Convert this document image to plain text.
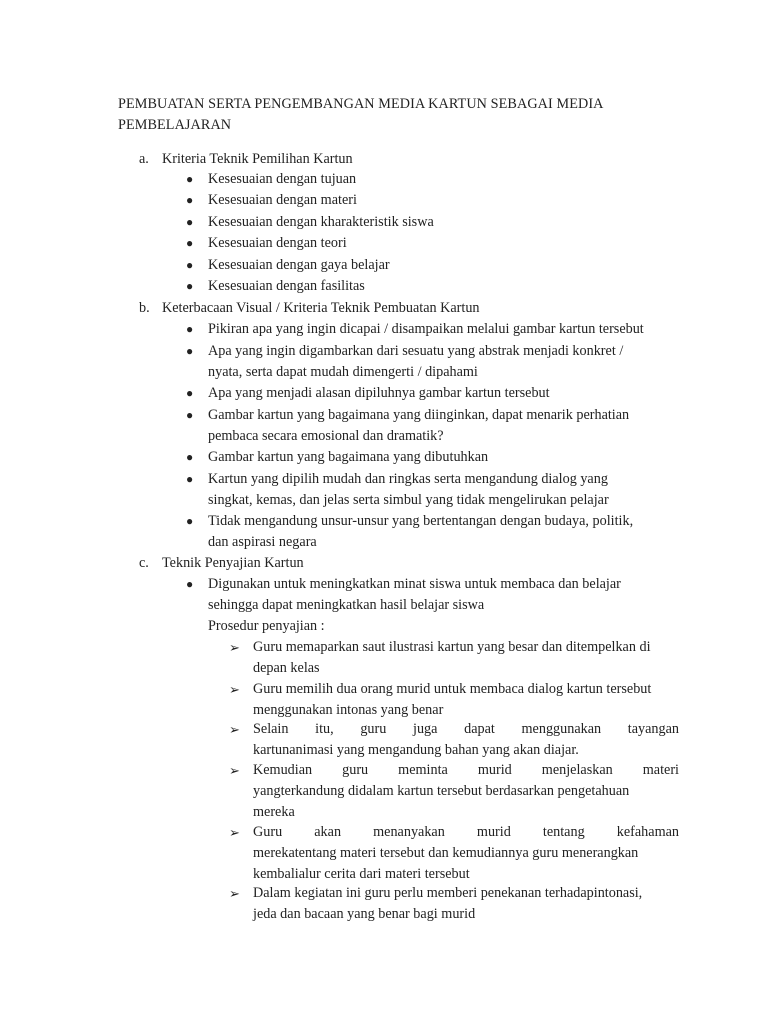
PEMBUATAN SERTA PENGEMBANGAN MEDIA KARTUN SEBAGAI MEDIA
PEMBELAJARAN
a. Kriteria Teknik Pemilihan Kartun
● Kesesuaian dengan tujuan
● Kesesuaian dengan materi
● Kesesuaian dengan kharakteristik siswa
● Kesesuaian dengan teori
● Kesesuaian dengan gaya belajar
● Kesesuaian dengan fasilitas
b. Keterbacaan Visual / Kriteria Teknik Pembuatan Kartun
● Pikiran apa yang ingin dicapai / disampaikan melalui gambar kartun tersebut
● Apa yang ingin digambarkan dari sesuatu yang abstrak menjadi konkret /
nyata, serta dapat mudah dimengerti / dipahami
● Apa yang menjadi alasan dipiluhnya gambar kartun tersebut
● Gambar kartun yang bagaimana yang diinginkan, dapat menarik perhatian
pembaca secara emosional dan dramatik?
● Gambar kartun yang bagaimana yang dibutuhkan
● Kartun yang dipilih mudah dan ringkas serta mengandung dialog yang
singkat, kemas, dan jelas serta simbul yang tidak mengelirukan pelajar
● Tidak mengandung unsur-unsur yang bertentangan dengan budaya, politik,
dan aspirasi negara
c. Teknik Penyajian Kartun
● Digunakan untuk meningkatkan minat siswa untuk membaca dan belajar
sehingga dapat meningkatkan hasil belajar siswa
Prosedur penyajian :
➢ Guru memaparkan saut ilustrasi kartun yang besar dan ditempelkan di
depan kelas
➢ Guru memilih dua orang murid untuk membaca dialog kartun tersebut
menggunakan intonas yang benar
➢ Selain itu, guru juga dapat menggunakan tayangan
kartunanimasi yang mengandung bahan yang akan diajar.
➢ Kemudian guru meminta murid menjelaskan materi
yangterkandung didalam kartun tersebut berdasarkan pengetahuan
mereka
➢ Guru akan menanyakan murid tentang kefahaman
merekatentang materi tersebut dan kemudiannya guru menerangkan
kembalialur cerita dari materi tersebut
➢ Dalam kegiatan ini guru perlu memberi penekanan terhadapintonasi,
jeda dan bacaan yang benar bagi murid
